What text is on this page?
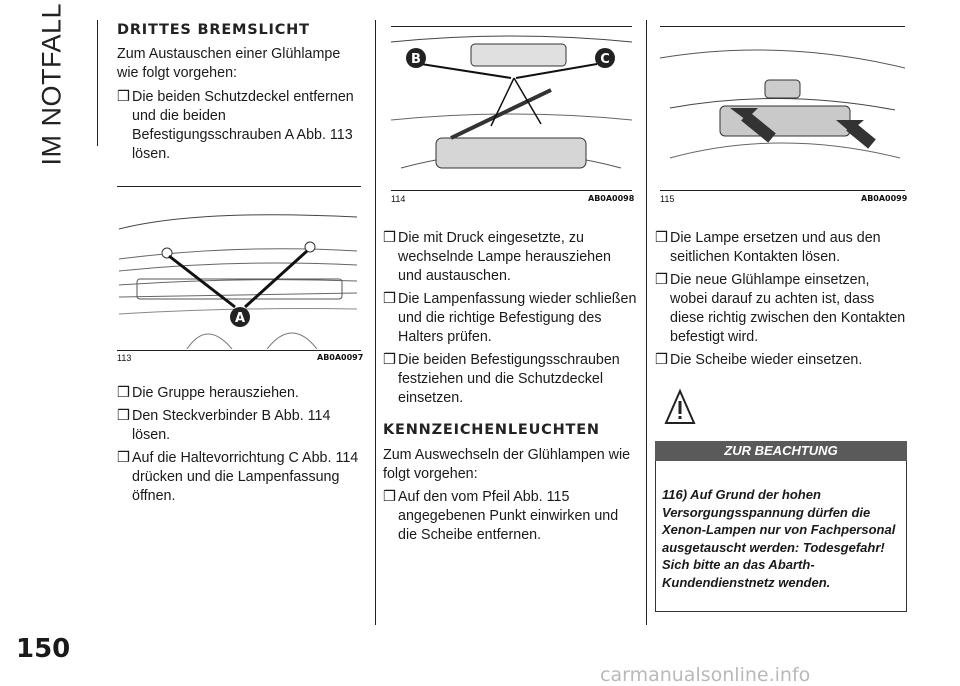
IM NOTFALL
150
DRITTES BREMSLICHT

Zum Austauschen einer Glühlampe wie folgt vorgehen:

❒ Die beiden Schutzdeckel entfernen und die beiden Befestigungsschrauben A Abb. 113 lösen.

A
113	AB0A0097

❒ Die Gruppe herausziehen.

❒ Den Steckverbinder B Abb. 114 lösen.

❒ Auf die Haltevorrichtung C Abb. 114 drücken und die Lampenfassung öffnen.

B	C
114	AB0A0098

❒ Die mit Druck eingesetzte, zu wechselnde Lampe herausziehen und austauschen.

❒ Die Lampenfassung wieder schließen und die richtige Befestigung des Halters prüfen.

❒ Die beiden Befestigungsschrauben festziehen und die Schutzdeckel einsetzen.

KENNZEICHENLEUCHTEN

Zum Auswechseln der Glühlampen wie folgt vorgehen:

❒ Auf den vom Pfeil Abb. 115 angegebenen Punkt einwirken und die Scheibe entfernen.

115	AB0A0099

❒ Die Lampe ersetzen und aus den seitlichen Kontakten lösen.

❒ Die neue Glühlampe einsetzen, wobei darauf zu achten ist, dass diese richtig zwischen den Kontakten befestigt wird.

❒ Die Scheibe wieder einsetzen.

ZUR BEACHTUNG
116) Auf Grund der hohen Versorgungsspannung dürfen die Xenon-Lampen nur von Fachpersonal ausgetauscht werden: Todesgefahr! Sich bitte an das Abarth-Kundendienstnetz wenden.
carmanualsonline.info
